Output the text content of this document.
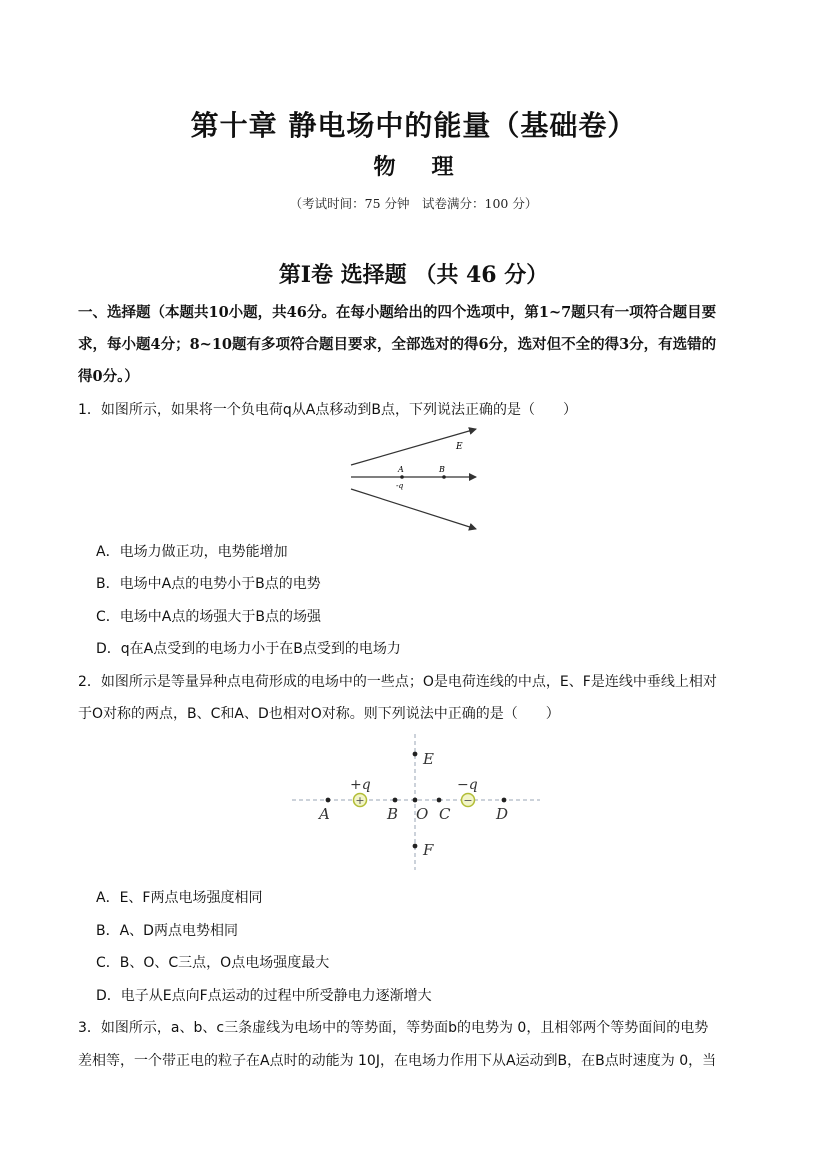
第十章 静电场中的能量（基础卷）
物理
（考试时间：75 分钟　试卷满分：100 分）
第Ⅰ卷 选择题 （共 46 分）
一、选择题（本题共10小题，共46分。在每小题给出的四个选项中，第1~7题只有一项符合题目要
求，每小题4分；8~10题有多项符合题目要求，全部选对的得6分，选对但不全的得3分，有选错的
得0分。）
1．如图所示，如果将一个负电荷q从A点移动到B点，下列说法正确的是（　　）
E
A	B
-q
A．电场力做正功，电势能增加
B．电场中A点的电势小于B点的电势
C．电场中A点的场强大于B点的场强
D．q在A点受到的电场力小于在B点受到的电场力
2．如图所示是等量异种点电荷形成的电场中的一些点；O是电荷连线的中点，E、F是连线中垂线上相对
于O对称的两点，B、C和A、D也相对O对称。则下列说法中正确的是（　　）
+	−
E
F
A	B O C	D
+q	−q
A．E、F两点电场强度相同
B．A、D两点电势相同
C．B、O、C三点，O点电场强度最大
D．电子从E点向F点运动的过程中所受静电力逐渐增大
3．如图所示，a、b、c三条虚线为电场中的等势面，等势面b的电势为 0，且相邻两个等势面间的电势
差相等，一个带正电的粒子在A点时的动能为 10J，在电场力作用下从A运动到B，在B点时速度为 0，当
